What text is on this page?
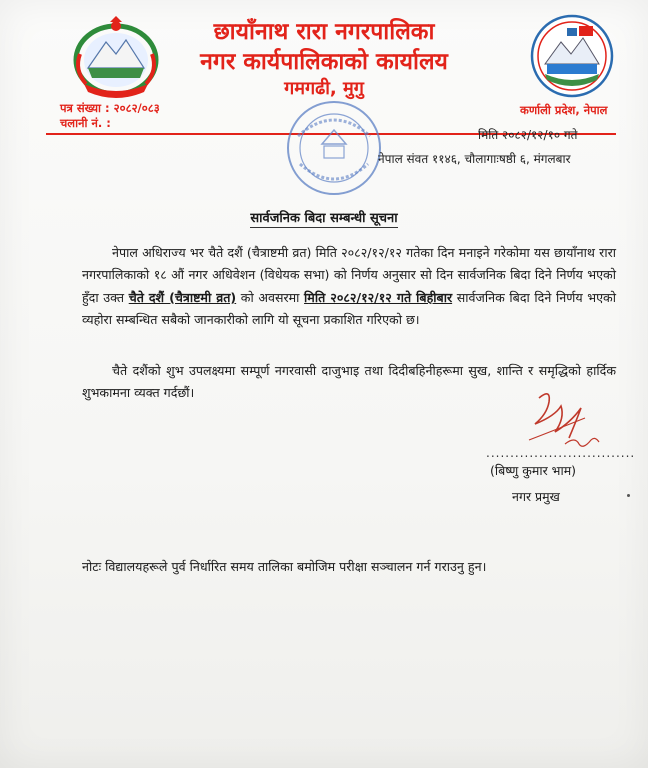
छायाँनाथ रारा नगरपालिका
नगर कार्यपालिकाको कार्यालय
गमगढी, मुगु
पत्र संख्या : २०८२/०८३
चलानी नं. :
कर्णाली प्रदेश, नेपाल
मिति २०८२/१२/१० गते
नेपाल संवत ११४६, चौलागाःषष्ठी ६, मंगलबार
सार्वजनिक बिदा सम्बन्धी सूचना
नेपाल अधिराज्य भर चैते दशैं (चैत्राष्टमी व्रत) मिति २०८२/१२/१२ गतेका दिन मनाइने गरेकोमा यस छायाँनाथ रारा नगरपालिकाको १८ औं नगर अधिवेशन (विधेयक सभा) को निर्णय अनुसार सो दिन सार्वजनिक बिदा दिने निर्णय भएको हुँदा उक्त चैते दशैं (चैत्राष्टमी व्रत) को अवसरमा मिति २०८२/१२/१२ गते बिहीबार सार्वजनिक बिदा दिने निर्णय भएको व्यहोरा सम्बन्धित सबैको जानकारीको लागि यो सूचना प्रकाशित गरिएको छ।
चैते दशैंको शुभ उपलक्ष्यमा सम्पूर्ण नगरवासी दाजुभाइ तथा दिदीबहिनीहरूमा सुख, शान्ति र समृद्धिको हार्दिक शुभकामना व्यक्त गर्दछौं।
...............................
(बिष्णु कुमार भाम)
नगर प्रमुख
नोटः विद्यालयहरूले पुर्व निर्धारित समय तालिका बमोजिम परीक्षा सञ्चालन गर्न गराउनु हुन।
